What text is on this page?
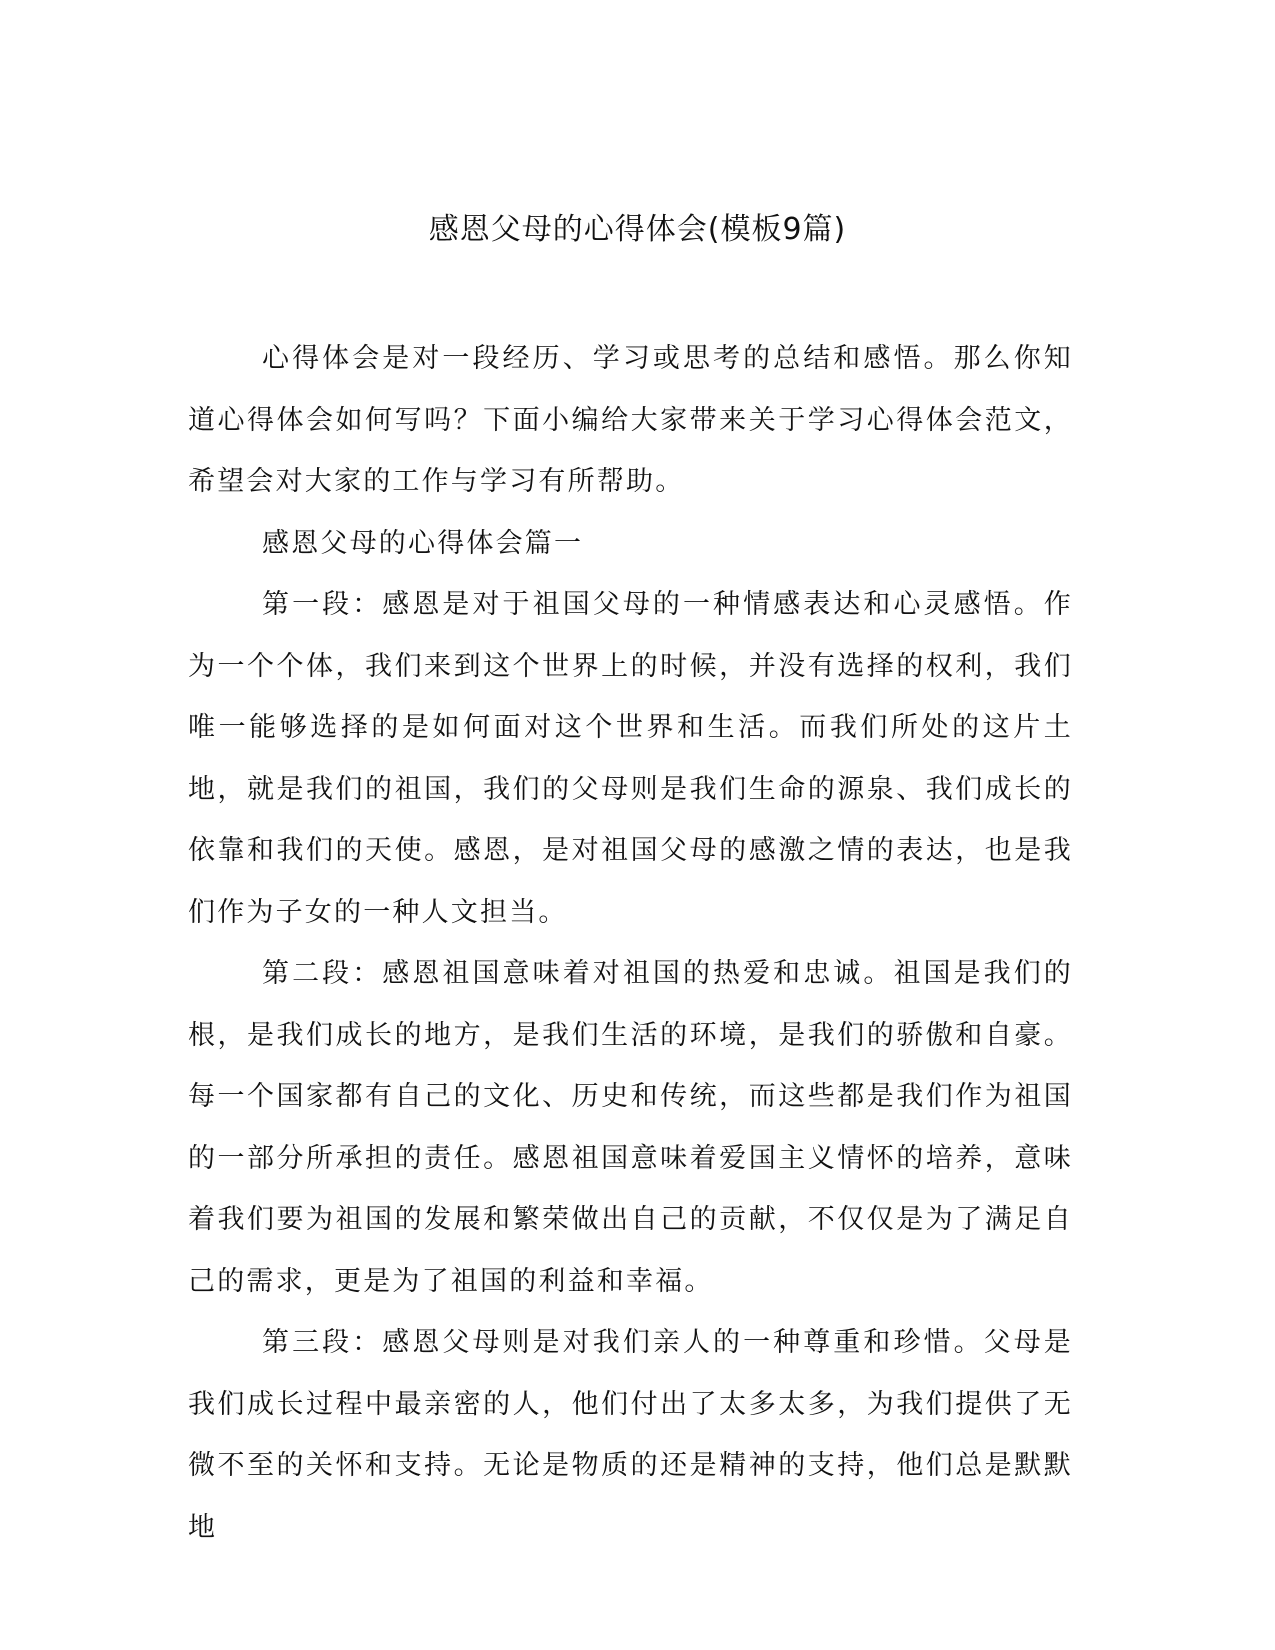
感恩父母的心得体会(模板9篇)

心得体会是对一段经历、学习或思考的总结和感悟。那么你知道心得体会如何写吗？下面小编给大家带来关于学习心得体会范文，希望会对大家的工作与学习有所帮助。

感恩父母的心得体会篇一

第一段：感恩是对于祖国父母的一种情感表达和心灵感悟。作为一个个体，我们来到这个世界上的时候，并没有选择的权利，我们唯一能够选择的是如何面对这个世界和生活。而我们所处的这片土地，就是我们的祖国，我们的父母则是我们生命的源泉、我们成长的依靠和我们的天使。感恩，是对祖国父母的感激之情的表达，也是我们作为子女的一种人文担当。

第二段：感恩祖国意味着对祖国的热爱和忠诚。祖国是我们的根，是我们成长的地方，是我们生活的环境，是我们的骄傲和自豪。每一个国家都有自己的文化、历史和传统，而这些都是我们作为祖国的一部分所承担的责任。感恩祖国意味着爱国主义情怀的培养，意味着我们要为祖国的发展和繁荣做出自己的贡献，不仅仅是为了满足自己的需求，更是为了祖国的利益和幸福。

第三段：感恩父母则是对我们亲人的一种尊重和珍惜。父母是我们成长过程中最亲密的人，他们付出了太多太多，为我们提供了无微不至的关怀和支持。无论是物质的还是精神的支持，他们总是默默地
